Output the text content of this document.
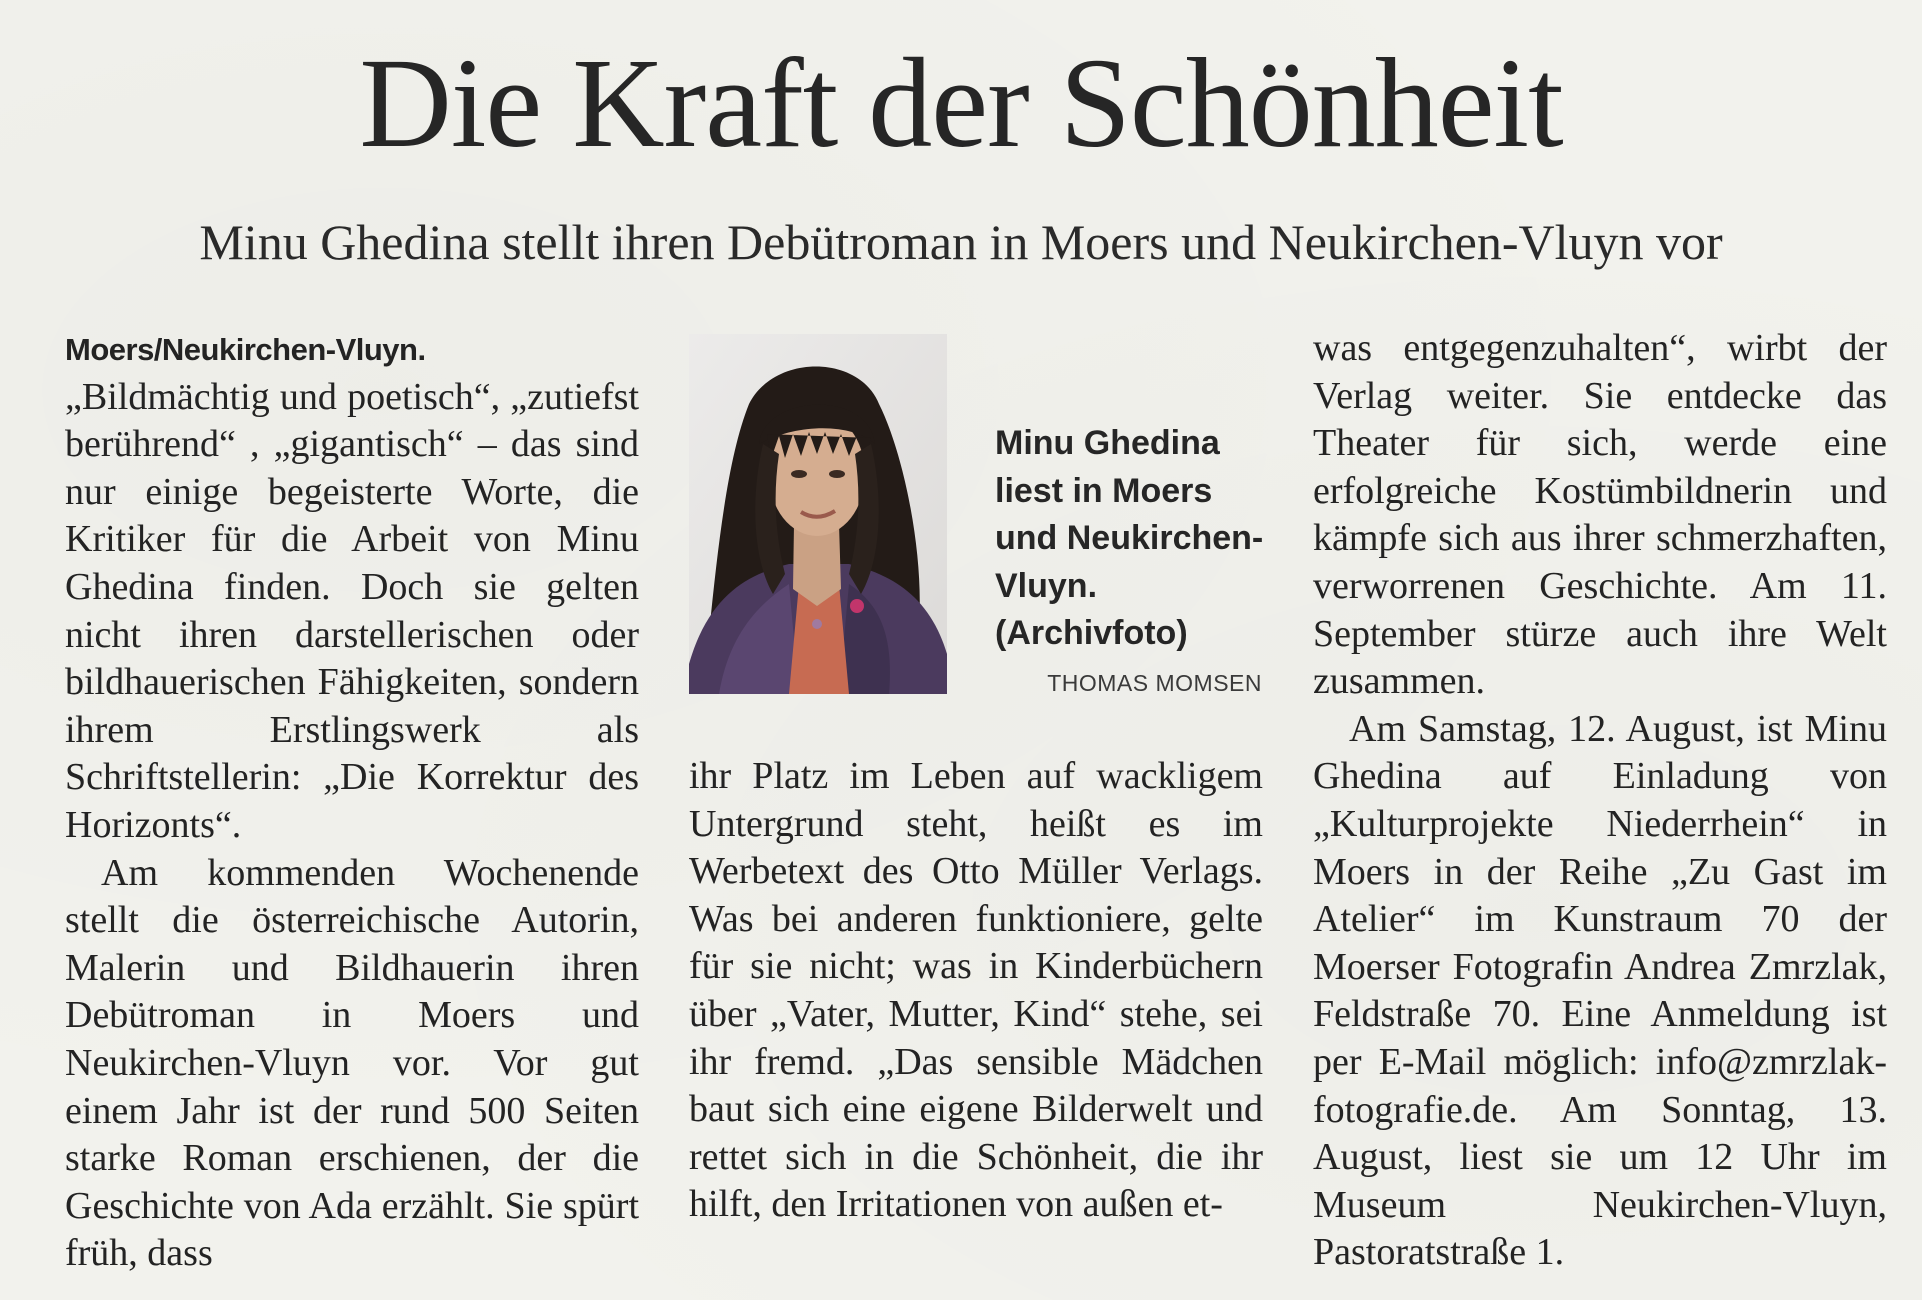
Die Kraft der Schönheit
Minu Ghedina stellt ihren Debütroman in Moers und Neukirchen-Vluyn vor

Moers/Neukirchen-Vluyn. „Bildmächtig und poetisch“, „zutiefst berührend“ , „gigantisch“ – das sind nur einige begeisterte Worte, die Kritiker für die Arbeit von Minu Ghedina finden. Doch sie gelten nicht ihren darstellerischen oder bildhauerischen Fähigkeiten, sondern ihrem Erstlingswerk als Schriftstellerin: „Die Korrektur des Horizonts“.

Am kommenden Wochenende stellt die österreichische Autorin, Malerin und Bildhauerin ihren Debütroman in Moers und Neukirchen-Vluyn vor. Vor gut einem Jahr ist der rund 500 Seiten starke Roman erschienen, der die Geschichte von Ada erzählt. Sie spürt früh, dass

Minu Ghedina liest in Moers und Neukirchen-Vluyn. (Archivfoto)

THOMAS MOMSEN

ihr Platz im Leben auf wackligem Untergrund steht, heißt es im Werbetext des Otto Müller Verlags. Was bei anderen funktioniere, gelte für sie nicht; was in Kinderbüchern über „Vater, Mutter, Kind“ stehe, sei ihr fremd. „Das sensible Mädchen baut sich eine eigene Bilderwelt und rettet sich in die Schönheit, die ihr hilft, den Irritationen von außen et-

was entgegenzuhalten“, wirbt der Verlag weiter. Sie entdecke das Theater für sich, werde eine erfolgreiche Kostümbildnerin und kämpfe sich aus ihrer schmerzhaften, verworrenen Geschichte. Am 11. September stürze auch ihre Welt zusammen.

Am Samstag, 12. August, ist Minu Ghedina auf Einladung von „Kulturprojekte Niederrhein“ in Moers in der Reihe „Zu Gast im Atelier“ im Kunstraum 70 der Moerser Fotografin Andrea Zmrzlak, Feldstraße 70. Eine Anmeldung ist per E-Mail möglich: info@zmrzlak-fotografie.de. Am Sonntag, 13. August, liest sie um 12 Uhr im Museum Neukirchen-Vluyn, Pastoratstraße 1.
